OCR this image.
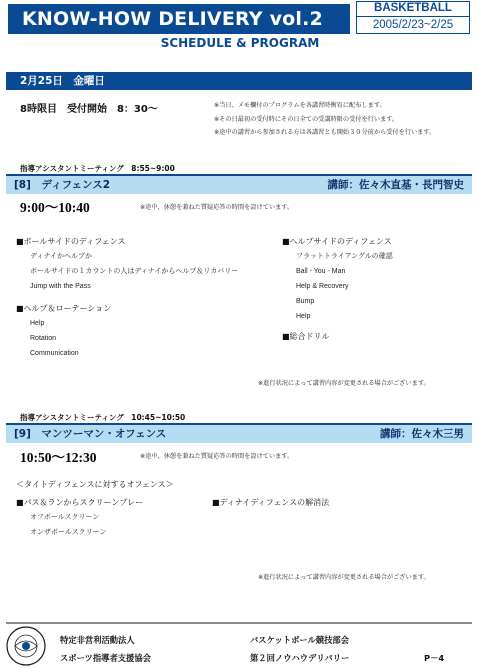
KNOW-HOW DELIVERY vol.2	BASKETBALL
2005/2/23~2/25
SCHEDULE & PROGRAM
2月25日　金曜日
8時限目　受付開始　8：30～	※当日、メモ欄付のプログラムを各講習時衡宥に配布します。
※その日最初の受付時にその日全ての受講時限の受付を行います。
※途中の講習から参加される方は各講習とも開始３０分前から受付を行います。
指導アシスタントミーティング　8:55~9:00
[8]　ディフェンス2	講師：佐々木直基・長門智史
9:00～10:40	※途中、休憩を兼ねた質疑応答の時間を設けています。
■ボールサイドのディフェンス
ディナイかヘルプか
ボールサイドの１カウントの人はディナイからヘルプ＆リカバリー
Jump with the Pass
■ヘルプ＆ローテーション
Help
Rotation
Communication
■ヘルプサイドのディフェンス
フラットトライアングルの確認
Ball - You - Man
Help & Recovery
Bump
Help
■総合ドリル
※進行状況によって講習内容が変更される場合がございます。
指導アシスタントミーティング　10:45~10:50
[9]　マンツーマン・オフェンス	講師：佐々木三男
10:50～12:30	※途中、休憩を兼ねた質疑応答の時間を設けています。
＜タイトディフェンスに対するオフェンス＞
■パス＆ランからスクリーンプレー
オフボールスクリーン
オンザボールスクリーン
■ディナイディフェンスの解消法
※進行状況によって講習内容が変更される場合がございます。
特定非営利活動法人
スポーツ指導者支援協会
バスケットボール競技部会
第２回ノウハウデリバリー	P－4
